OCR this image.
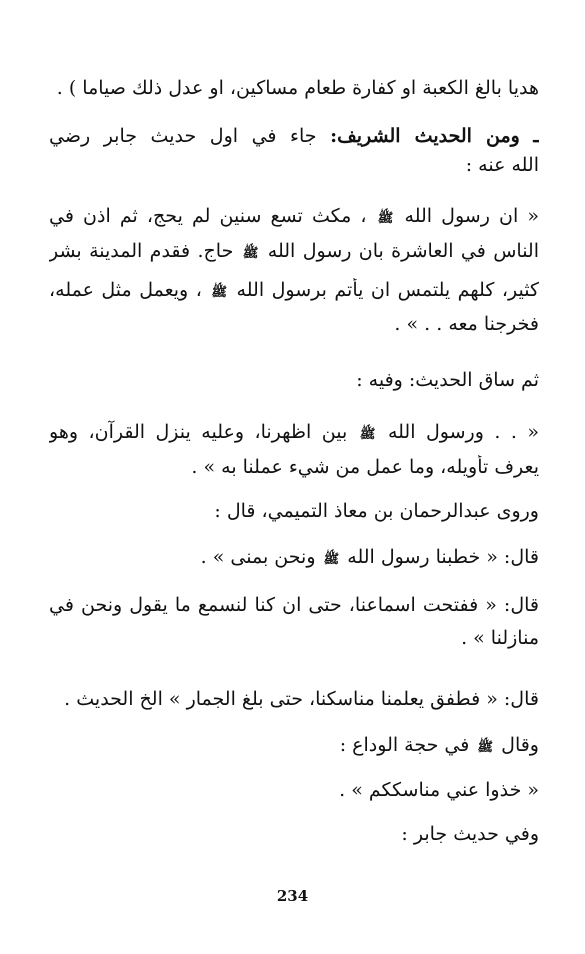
هديا بالغ الكعبة او كفارة طعام مساكين، او عدل ذلك صياما ) .
ـ ومن الحديث الشريف: جاء في اول حديث جابر رضي
الله عنه :
« ان رسول الله ﷺ ، مكث تسع سنين لم يحج، ثم اذن في
الناس في العاشرة بان رسول الله ﷺ حاج. فقدم المدينة بشر
كثير، كلهم يلتمس ان يأتم برسول الله ﷺ ، ويعمل مثل عمله،
فخرجنا معه . . » .
ثم ساق الحديث: وفيه :
« . . ورسول الله ﷺ بين اظهرنا، وعليه ينزل القرآن، وهو
يعرف تأويله، وما عمل من شيء عملنا به » .
وروى عبدالرحمان بن معاذ التميمي، قال :
قال: « خطبنا رسول الله ﷺ ونحن بمنى » .
قال: « ففتحت اسماعنا، حتى ان كنا لنسمع ما يقول ونحن في
منازلنا » .
قال: « فطفق يعلمنا مناسكنا، حتى بلغ الجمار » الخ الحديث .
وقال ﷺ في حجة الوداع :
« خذوا عني مناسككم » .
وفي حديث جابر :
234
